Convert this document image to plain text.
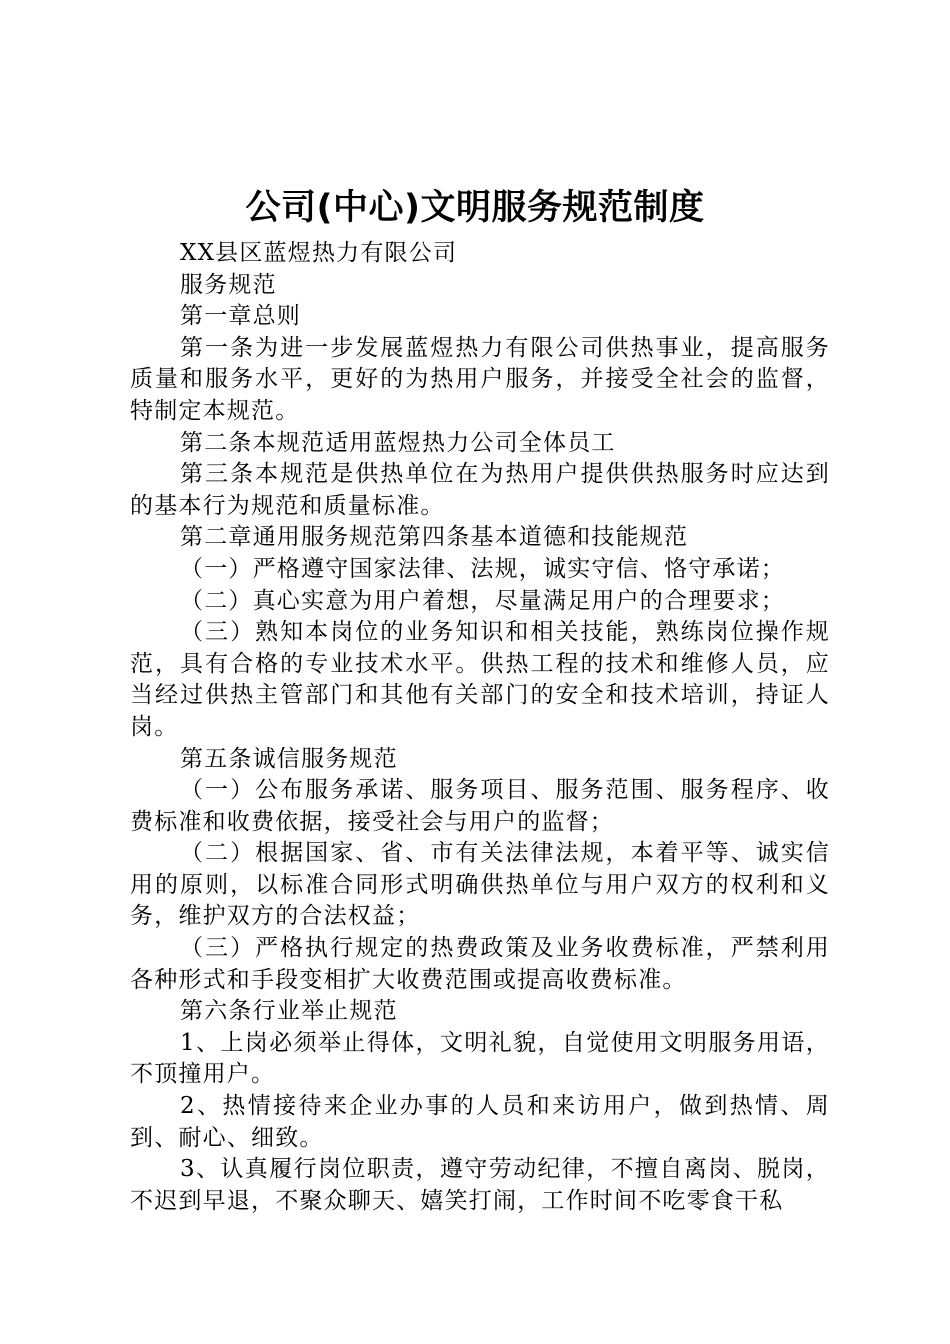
公司(中心)文明服务规范制度

XX县区蓝煜热力有限公司

服务规范

第一章总则

第一条为进一步发展蓝煜热力有限公司供热事业，提高服务质量和服务水平，更好的为热用户服务，并接受全社会的监督，特制定本规范。

第二条本规范适用蓝煜热力公司全体员工

第三条本规范是供热单位在为热用户提供供热服务时应达到的基本行为规范和质量标准。

第二章通用服务规范第四条基本道德和技能规范

（一）严格遵守国家法律、法规，诚实守信、恪守承诺；

（二）真心实意为用户着想，尽量满足用户的合理要求；

（三）熟知本岗位的业务知识和相关技能，熟练岗位操作规范，具有合格的专业技术水平。供热工程的技术和维修人员，应当经过供热主管部门和其他有关部门的安全和技术培训，持证人岗。

第五条诚信服务规范

（一）公布服务承诺、服务项目、服务范围、服务程序、收费标准和收费依据，接受社会与用户的监督；

（二）根据国家、省、市有关法律法规，本着平等、诚实信用的原则，以标准合同形式明确供热单位与用户双方的权利和义务，维护双方的合法权益；

（三）严格执行规定的热费政策及业务收费标准，严禁利用各种形式和手段变相扩大收费范围或提高收费标准。

第六条行业举止规范

1、上岗必须举止得体，文明礼貌，自觉使用文明服务用语，不顶撞用户。

2、热情接待来企业办事的人员和来访用户，做到热情、周到、耐心、细致。

3、认真履行岗位职责，遵守劳动纪律，不擅自离岗、脱岗，不迟到早退，不聚众聊天、嬉笑打闹，工作时间不吃零食干私
